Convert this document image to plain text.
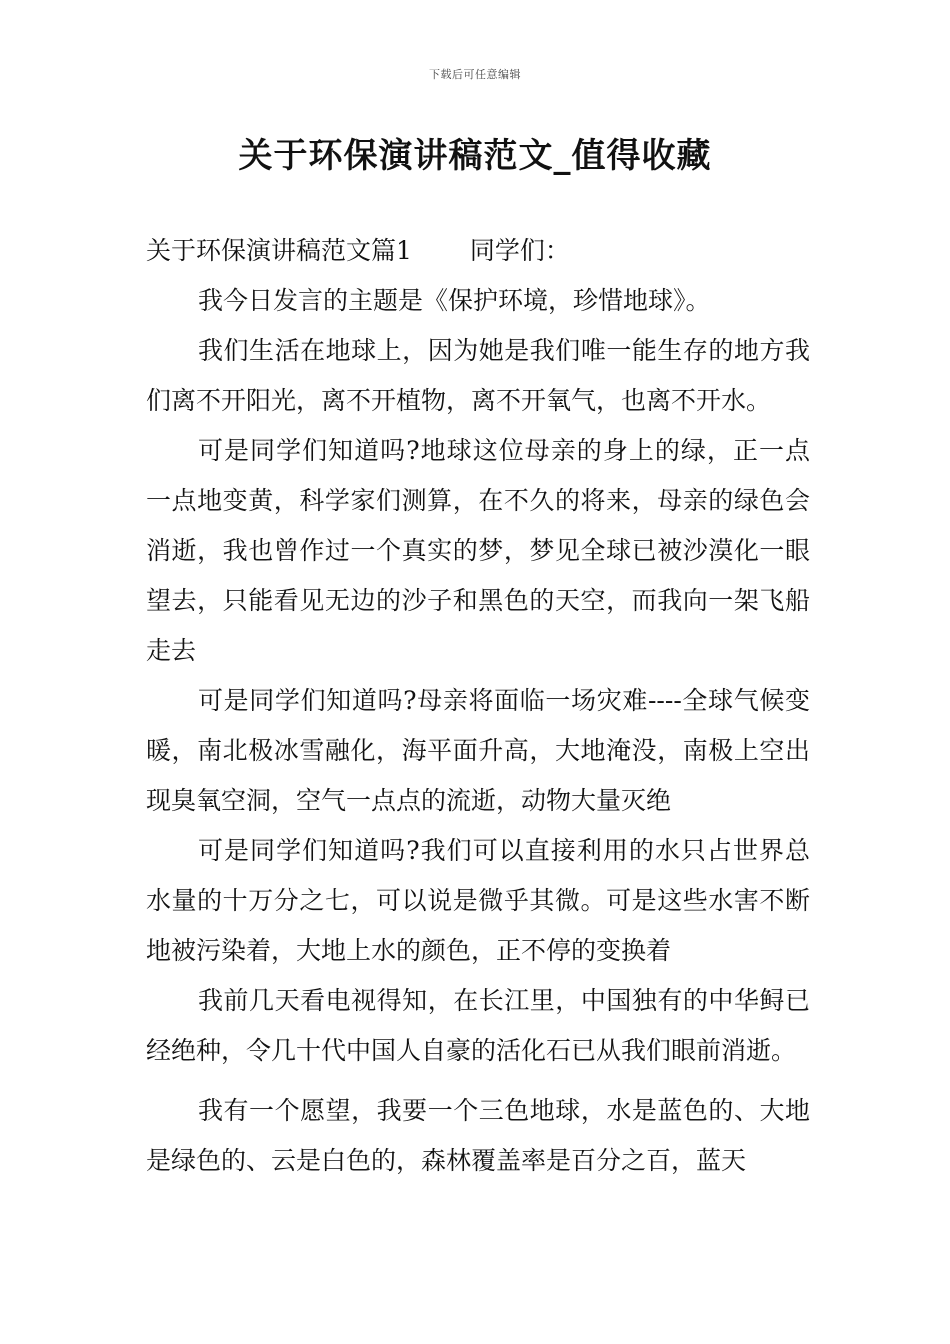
下载后可任意编辑
关于环保演讲稿范文_值得收藏

关于环保演讲稿范文篇1 同学们：

我今日发言的主题是《保护环境，珍惜地球》。

我们生活在地球上，因为她是我们唯一能生存的地方我们离不开阳光，离不开植物，离不开氧气，也离不开水。

可是同学们知道吗?地球这位母亲的身上的绿，正一点一点地变黄，科学家们测算，在不久的将来，母亲的绿色会消逝，我也曾作过一个真实的梦，梦见全球已被沙漠化一眼望去，只能看见无边的沙子和黑色的天空，而我向一架飞船走去

可是同学们知道吗?母亲将面临一场灾难----全球气候变暖，南北极冰雪融化，海平面升高，大地淹没，南极上空出现臭氧空洞，空气一点点的流逝，动物大量灭绝

可是同学们知道吗?我们可以直接利用的水只占世界总水量的十万分之七，可以说是微乎其微。可是这些水害不断地被污染着，大地上水的颜色，正不停的变换着

我前几天看电视得知，在长江里，中国独有的中华鲟已经绝种，令几十代中国人自豪的活化石已从我们眼前消逝。

我有一个愿望，我要一个三色地球，水是蓝色的、大地是绿色的、云是白色的，森林覆盖率是百分之百，蓝天
